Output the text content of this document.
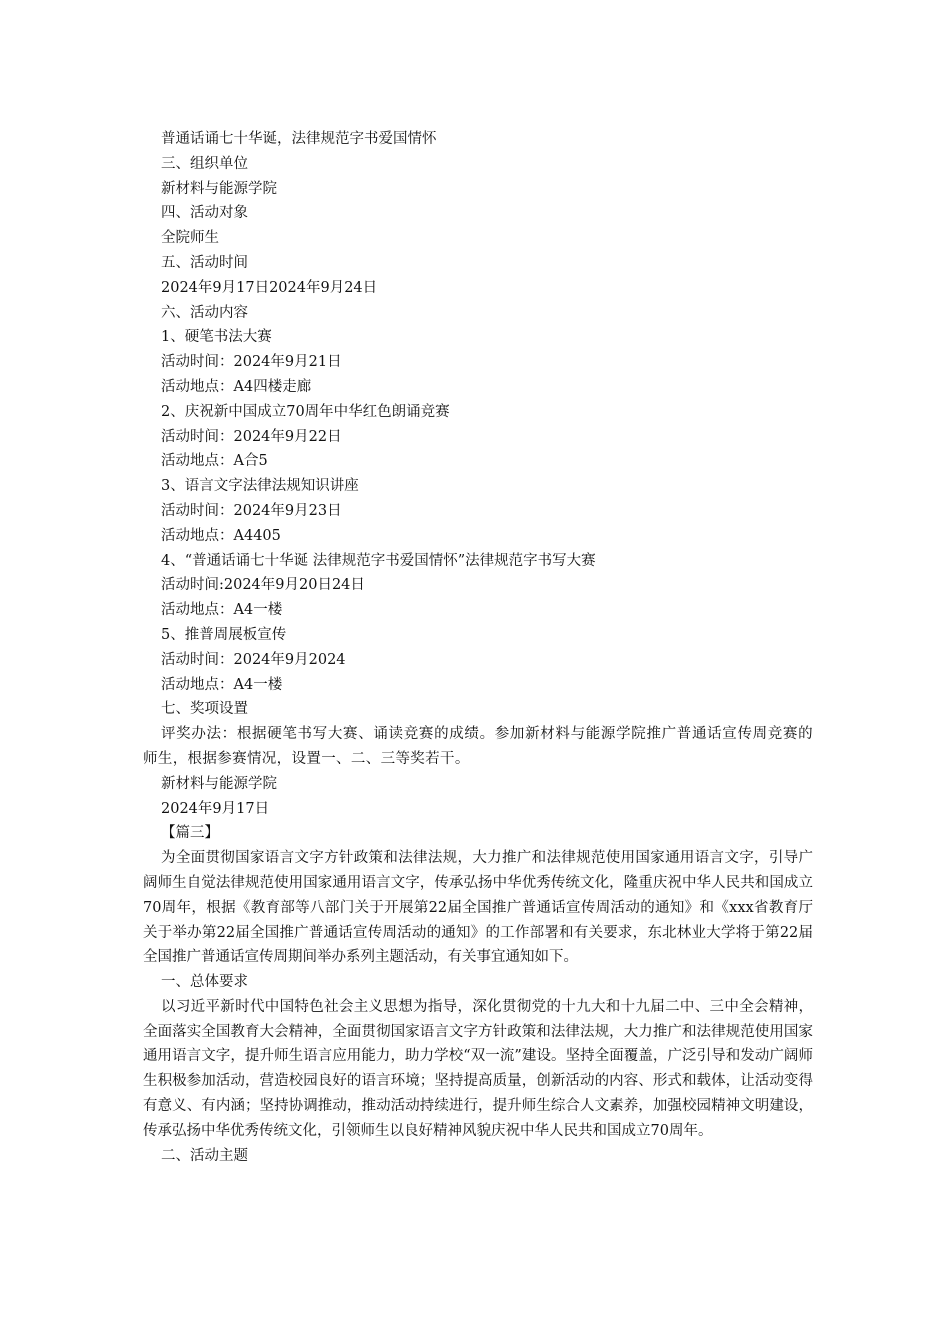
普通话诵七十华诞，法律规范字书爱国情怀
三、组织单位
新材料与能源学院
四、活动对象
全院师生
五、活动时间
2024年9月17日2024年9月24日
六、活动内容
1、硬笔书法大赛
活动时间：2024年9月21日
活动地点：A4四楼走廊
2、庆祝新中国成立70周年中华红色朗诵竞赛
活动时间：2024年9月22日
活动地点：A合5
3、语言文字法律法规知识讲座
活动时间：2024年9月23日
活动地点：A4405
4、“普通话诵七十华诞 法律规范字书爱国情怀”法律规范字书写大赛
活动时间:2024年9月20日24日
活动地点：A4一楼
5、推普周展板宣传
活动时间：2024年9月2024
活动地点：A4一楼
七、奖项设置
评奖办法：根据硬笔书写大赛、诵读竞赛的成绩。参加新材料与能源学院推广普通话宣传周竞赛的师生，根据参赛情况，设置一、二、三等奖若干。
新材料与能源学院
2024年9月17日
【篇三】
为全面贯彻国家语言文字方针政策和法律法规，大力推广和法律规范使用国家通用语言文字，引导广阔师生自觉法律规范使用国家通用语言文字，传承弘扬中华优秀传统文化，隆重庆祝中华人民共和国成立70周年，根据《教育部等八部门关于开展第22届全国推广普通话宣传周活动的通知》和《xxx省教育厅关于举办第22届全国推广普通话宣传周活动的通知》的工作部署和有关要求，东北林业大学将于第22届全国推广普通话宣传周期间举办系列主题活动，有关事宜通知如下。
一、总体要求
以习近平新时代中国特色社会主义思想为指导，深化贯彻党的十九大和十九届二中、三中全会精神，全面落实全国教育大会精神，全面贯彻国家语言文字方针政策和法律法规，大力推广和法律规范使用国家通用语言文字，提升师生语言应用能力，助力学校“双一流”建设。坚持全面覆盖，广泛引导和发动广阔师生积极参加活动，营造校园良好的语言环境；坚持提高质量，创新活动的内容、形式和载体，让活动变得有意义、有内涵；坚持协调推动，推动活动持续进行，提升师生综合人文素养，加强校园精神文明建设，传承弘扬中华优秀传统文化，引领师生以良好精神风貌庆祝中华人民共和国成立70周年。
二、活动主题
